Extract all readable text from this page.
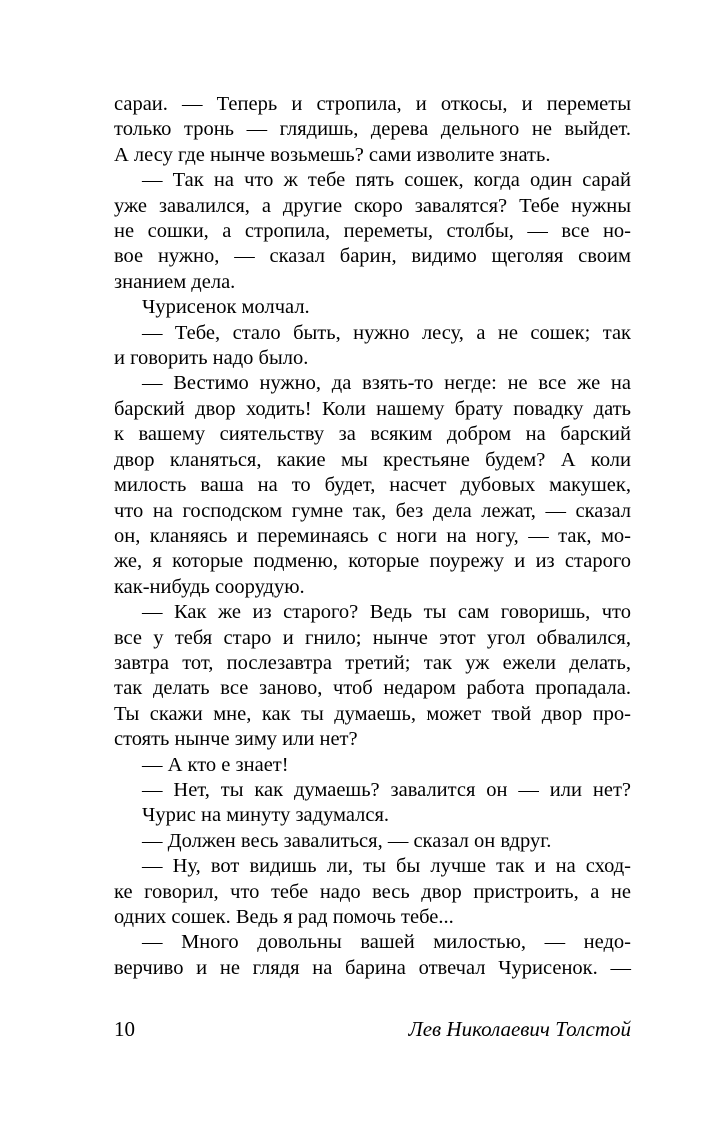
сараи. — Теперь и стропила, и откосы, и переметы
только тронь — глядишь, дерева дельного не выйдет.
А лесу где нынче возьмешь? сами изволите знать.
— Так на что ж тебе пять сошек, когда один сарай
уже завалился, а другие скоро завалятся? Тебе нужны
не сошки, а стропила, переметы, столбы, — все но-
вое нужно, — сказал барин, видимо щеголяя своим
знанием дела.
Чурисенок молчал.
— Тебе, стало быть, нужно лесу, а не сошек; так
и говорить надо было.
— Вестимо нужно, да взять-то негде: не все же на
барский двор ходить! Коли нашему брату повадку дать
к вашему сиятельству за всяким добром на барский
двор кланяться, какие мы крестьяне будем? А коли
милость ваша на то будет, насчет дубовых макушек,
что на господском гумне так, без дела лежат, — сказал
он, кланяясь и переминаясь с ноги на ногу, — так, мо-
же, я которые подменю, которые поурежу и из старого
как-нибудь соорудую.
— Как же из старого? Ведь ты сам говоришь, что
все у тебя старо и гнило; нынче этот угол обвалился,
завтра тот, послезавтра третий; так уж ежели делать,
так делать все заново, чтоб недаром работа пропадала.
Ты скажи мне, как ты думаешь, может твой двор про-
стоять нынче зиму или нет?
— А кто е знает!
— Нет, ты как думаешь? завалится он — или нет?
Чурис на минуту задумался.
— Должен весь завалиться, — сказал он вдруг.
— Ну, вот видишь ли, ты бы лучше так и на сход-
ке говорил, что тебе надо весь двор пристроить, а не
одних сошек. Ведь я рад помочь тебе...
— Много довольны вашей милостью, — недо-
верчиво и не глядя на барина отвечал Чурисенок. —
10	Лев Николаевич Толстой
